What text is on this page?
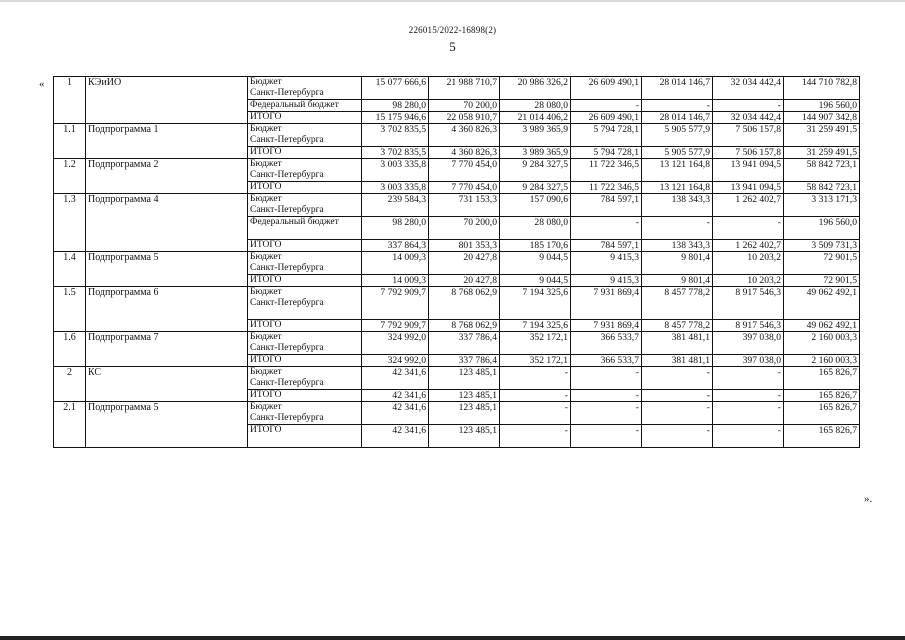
226015/2022-16898(2)
5
« 1	КЭиИО	Бюджет
Санкт-Петербурга	15 077 666,6	21 988 710,7	20 986 326,2	26 609 490,1	28 014 146,7	32 034 442,4	144 710 782,8
		Федеральный бюджет	98 280,0	70 200,0	28 080,0	-	-	-	196 560,0
		ИТОГО	15 175 946,6	22 058 910,7	21 014 406,2	26 609 490,1	28 014 146,7	32 034 442,4	144 907 342,8
1.1	Подпрограмма 1	Бюджет
Санкт-Петербурга	3 702 835,5	4 360 826,3	3 989 365,9	5 794 728,1	5 905 577,9	7 506 157,8	31 259 491,5
		ИТОГО	3 702 835,5	4 360 826,3	3 989 365,9	5 794 728,1	5 905 577,9	7 506 157,8	31 259 491,5
1.2	Подпрограмма 2	Бюджет
Санкт-Петербурга	3 003 335,8	7 770 454,0	9 284 327,5	11 722 346,5	13 121 164,8	13 941 094,5	58 842 723,1
		ИТОГО	3 003 335,8	7 770 454,0	9 284 327,5	11 722 346,5	13 121 164,8	13 941 094,5	58 842 723,1
1.3	Подпрограмма 4	Бюджет
Санкт-Петербурга	239 584,3	731 153,3	157 090,6	784 597,1	138 343,3	1 262 402,7	3 313 171,3
		Федеральный бюджет	98 280,0	70 200,0	28 080,0	-	-	-	196 560,0
		ИТОГО	337 864,3	801 353,3	185 170,6	784 597,1	138 343,3	1 262 402,7	3 509 731,3
1.4	Подпрограмма 5	Бюджет
Санкт-Петербурга	14 009,3	20 427,8	9 044,5	9 415,3	9 801,4	10 203,2	72 901,5
		ИТОГО	14 009,3	20 427,8	9 044,5	9 415,3	9 801,4	10 203,2	72 901,5
1.5	Подпрограмма 6	Бюджет
Санкт-Петербурга	7 792 909,7	8 768 062,9	7 194 325,6	7 931 869,4	8 457 778,2	8 917 546,3	49 062 492,1
		ИТОГО	7 792 909,7	8 768 062,9	7 194 325,6	7 931 869,4	8 457 778,2	8 917 546,3	49 062 492,1
1.6	Подпрограмма 7	Бюджет
Санкт-Петербурга	324 992,0	337 786,4	352 172,1	366 533,7	381 481,1	397 038,0	2 160 003,3
		ИТОГО	324 992,0	337 786,4	352 172,1	366 533,7	381 481,1	397 038,0	2 160 003,3
2	КС	Бюджет
Санкт-Петербурга	42 341,6	123 485,1	-	-	-	-	165 826,7
		ИТОГО	42 341,6	123 485,1	-	-	-	-	165 826,7
2.1	Подпрограмма 5	Бюджет
Санкт-Петербурга	42 341,6	123 485,1	-	-	-	-	165 826,7
		ИТОГО	42 341,6	123 485,1	-	-	-	-	165 826,7
».
